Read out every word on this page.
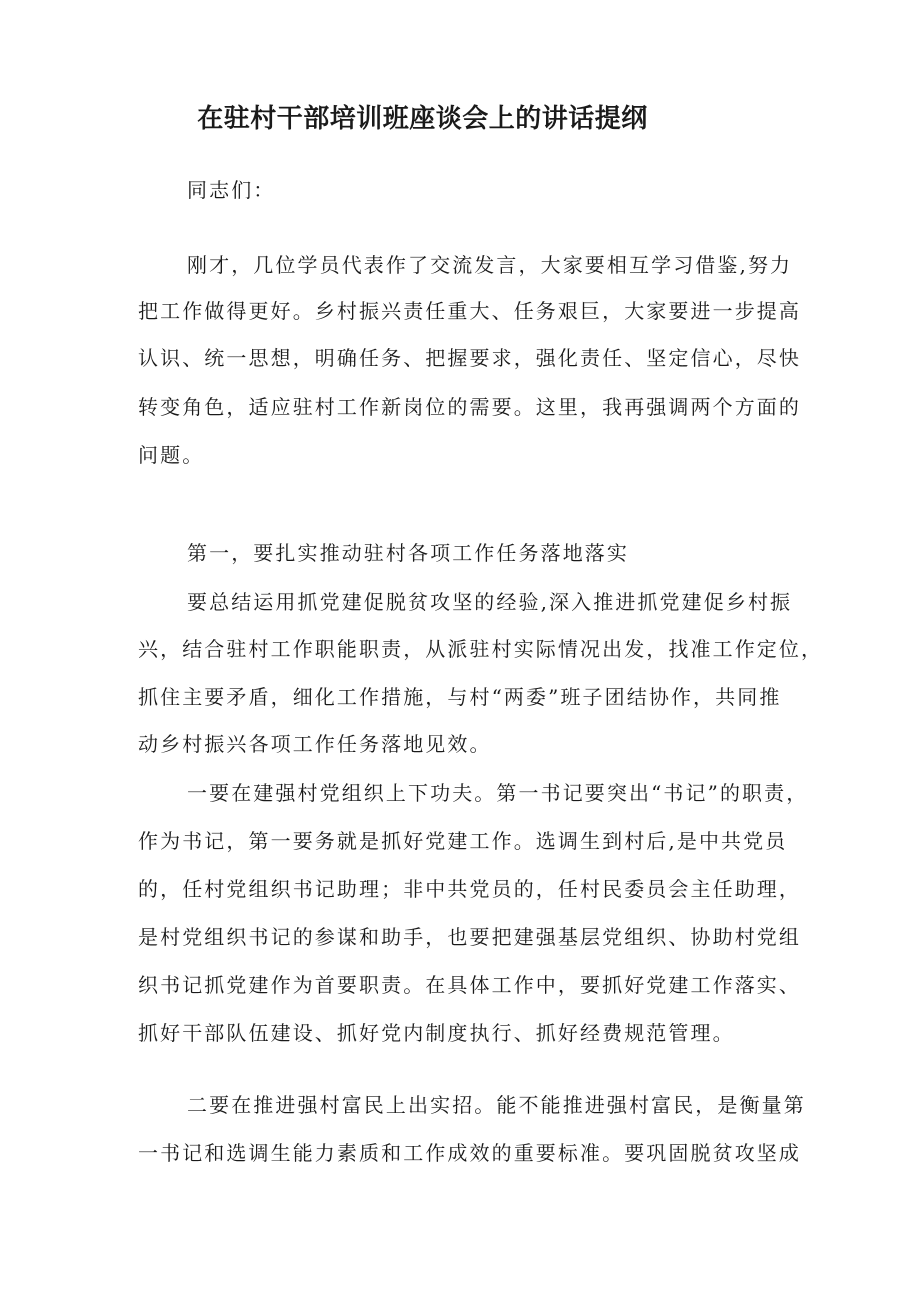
在驻村干部培训班座谈会上的讲话提纲

同志们：

刚才，几位学员代表作了交流发言，大家要相互学习借鉴,努力

把工作做得更好。乡村振兴责任重大、任务艰巨，大家要进一步提高

认识、统一思想，明确任务、把握要求，强化责任、坚定信心，尽快

转变角色，适应驻村工作新岗位的需要。这里，我再强调两个方面的

问题。

第一，要扎实推动驻村各项工作任务落地落实

要总结运用抓党建促脱贫攻坚的经验,深入推进抓党建促乡村振

兴，结合驻村工作职能职责，从派驻村实际情况出发，找准工作定位，

抓住主要矛盾，细化工作措施，与村“两委”班子团结协作，共同推

动乡村振兴各项工作任务落地见效。

一要在建强村党组织上下功夫。第一书记要突出“书记”的职责，

作为书记，第一要务就是抓好党建工作。选调生到村后,是中共党员

的，任村党组织书记助理；非中共党员的，任村民委员会主任助理，

是村党组织书记的参谋和助手，也要把建强基层党组织、协助村党组

织书记抓党建作为首要职责。在具体工作中，要抓好党建工作落实、

抓好干部队伍建设、抓好党内制度执行、抓好经费规范管理。

二要在推进强村富民上出实招。能不能推进强村富民，是衡量第

一书记和选调生能力素质和工作成效的重要标准。要巩固脱贫攻坚成
